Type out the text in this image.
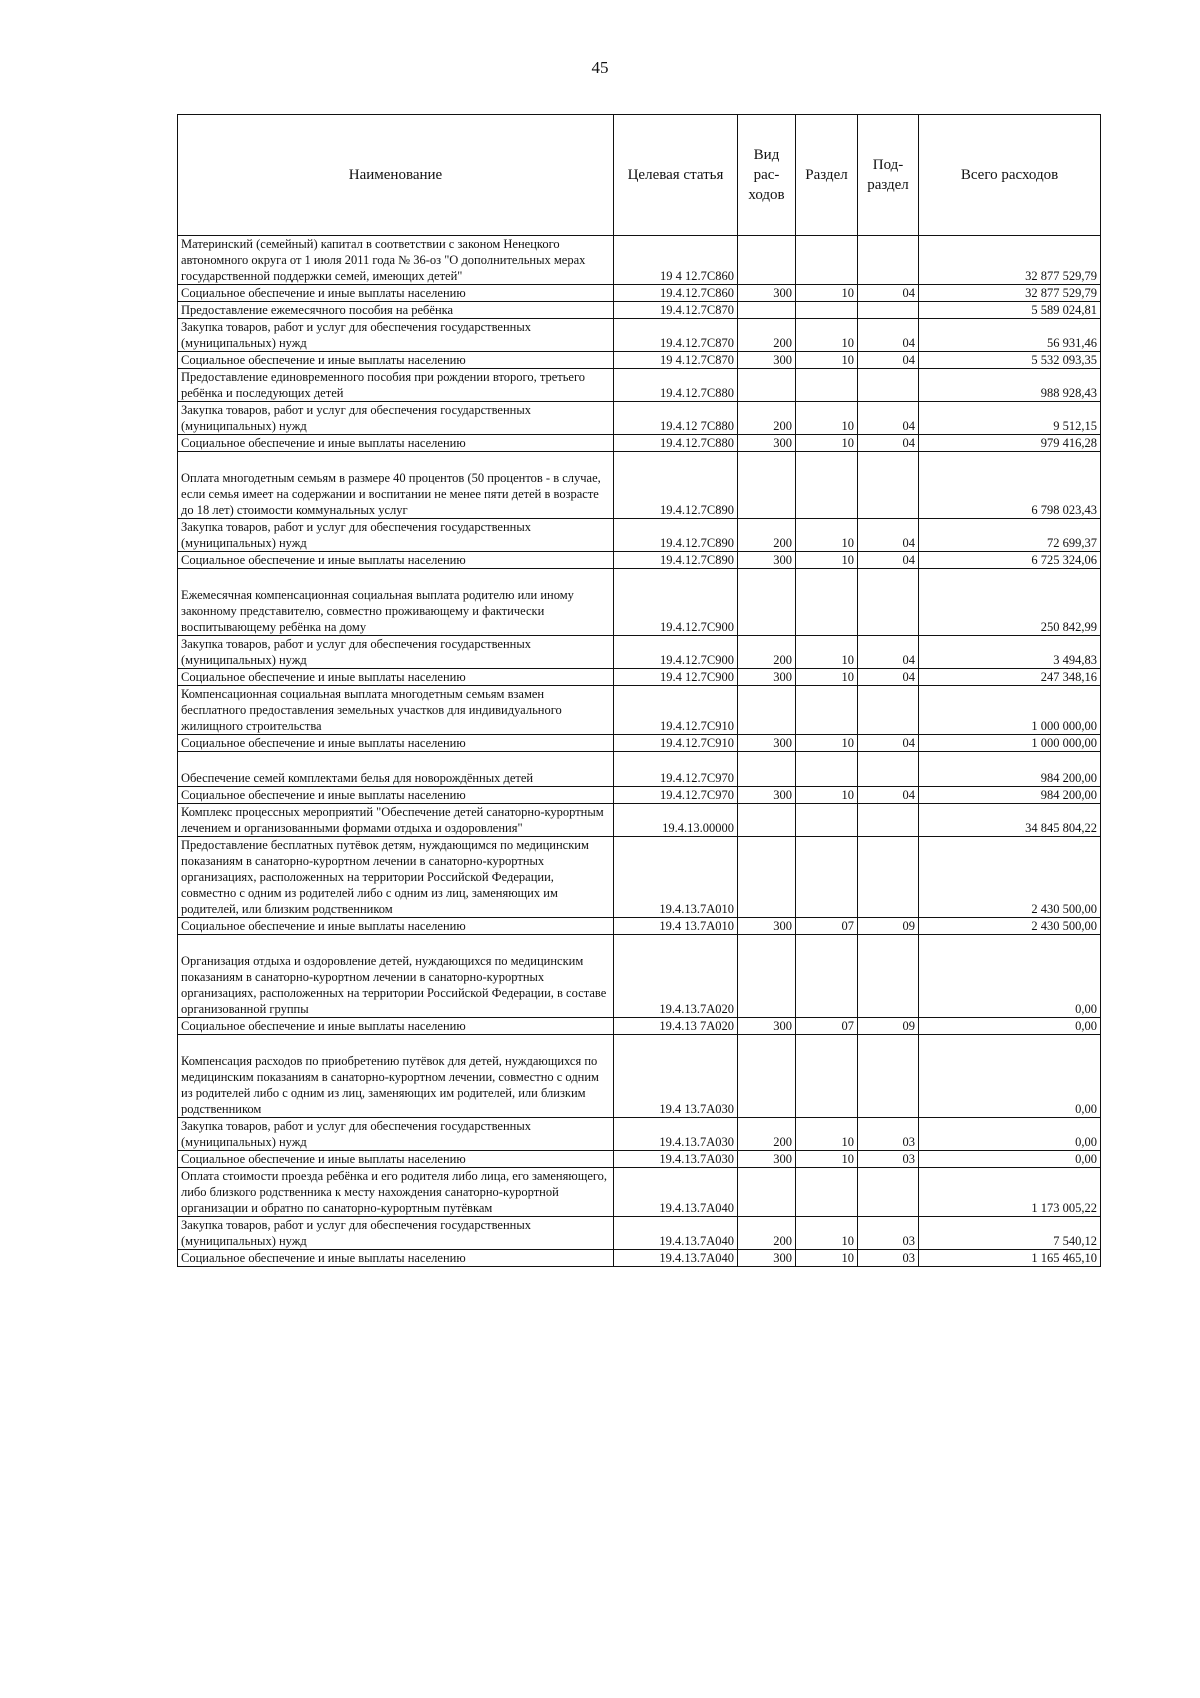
45
Наименование	Целевая статья	Вид рас-ходов	Раздел	Под-раздел	Всего расходов
Материнский (семейный) капитал в соответствии с законом Ненецкого автономного округа от 1 июля 2011 года № 36-оз "О дополнительных мерах государственной поддержки семей, имеющих детей"	19 4 12.7С860				32 877 529,79
Социальное обеспечение и иные выплаты населению	19.4.12.7С860	300	10	04	32 877 529,79
Предоставление ежемесячного пособия на ребёнка	19.4.12.7С870				5 589 024,81
Закупка товаров, работ и услуг для обеспечения государственных (муниципальных) нужд	19.4.12.7С870	200	10	04	56 931,46
Социальное обеспечение и иные выплаты населению	19 4.12.7С870	300	10	04	5 532 093,35
Предоставление единовременного пособия при рождении второго, третьего ребёнка и последующих детей	19.4.12.7С880				988 928,43
Закупка товаров, работ и услуг для обеспечения государственных (муниципальных) нужд	19.4.12 7С880	200	10	04	9 512,15
Социальное обеспечение и иные выплаты населению	19.4.12.7С880	300	10	04	979 416,28
Оплата многодетным семьям в размере 40 процентов (50 процентов - в случае, если семья имеет на содержании и воспитании не менее пяти детей в возрасте до 18 лет) стоимости коммунальных услуг	19.4.12.7С890				6 798 023,43
Закупка товаров, работ и услуг для обеспечения государственных (муниципальных) нужд	19.4.12.7С890	200	10	04	72 699,37
Социальное обеспечение и иные выплаты населению	19.4.12.7С890	300	10	04	6 725 324,06
Ежемесячная компенсационная социальная выплата родителю или иному законному представителю, совместно проживающему и фактически воспитывающему ребёнка на дому	19.4.12.7С900				250 842,99
Закупка товаров, работ и услуг для обеспечения государственных (муниципальных) нужд	19.4.12.7С900	200	10	04	3 494,83
Социальное обеспечение и иные выплаты населению	19.4 12.7С900	300	10	04	247 348,16
Компенсационная социальная выплата многодетным семьям взамен бесплатного предоставления земельных участков для индивидуального жилищного строительства	19.4.12.7С910				1 000 000,00
Социальное обеспечение и иные выплаты населению	19.4.12.7С910	300	10	04	1 000 000,00
Обеспечение семей комплектами белья для новорождённых детей	19.4.12.7С970				984 200,00
Социальное обеспечение и иные выплаты населению	19.4.12.7С970	300	10	04	984 200,00
Комплекс процессных мероприятий "Обеспечение детей санаторно-курортным лечением и организованными формами отдыха и оздоровления"	19.4.13.00000				34 845 804,22
Предоставление бесплатных путёвок детям, нуждающимся по медицинским показаниям в санаторно-курортном лечении в санаторно-курортных организациях, расположенных на территории Российской Федерации, совместно с одним из родителей либо с одним из лиц, заменяющих им родителей, или близким родственником	19.4.13.7А010				2 430 500,00
Социальное обеспечение и иные выплаты населению	19.4 13.7А010	300	07	09	2 430 500,00
Организация отдыха и оздоровление детей, нуждающихся по медицинским показаниям в санаторно-курортном лечении в санаторно-курортных организациях, расположенных на территории Российской Федерации, в составе организованной группы	19.4.13.7А020				0,00
Социальное обеспечение и иные выплаты населению	19.4.13 7А020	300	07	09	0,00
Компенсация расходов по приобретению путёвок для детей, нуждающихся по медицинским показаниям в санаторно-курортном лечении, совместно с одним из родителей либо с одним из лиц, заменяющих им родителей, или близким родственником	19.4 13.7А030				0,00
Закупка товаров, работ и услуг для обеспечения государственных (муниципальных) нужд	19.4.13.7А030	200	10	03	0,00
Социальное обеспечение и иные выплаты населению	19.4.13.7А030	300	10	03	0,00
Оплата стоимости проезда ребёнка и его родителя либо лица, его заменяющего, либо близкого родственника к месту нахождения санаторно-курортной организации и обратно по санаторно-курортным путёвкам	19.4.13.7А040				1 173 005,22
Закупка товаров, работ и услуг для обеспечения государственных (муниципальных) нужд	19.4.13.7А040	200	10	03	7 540,12
Социальное обеспечение и иные выплаты населению	19.4.13.7А040	300	10	03	1 165 465,10
